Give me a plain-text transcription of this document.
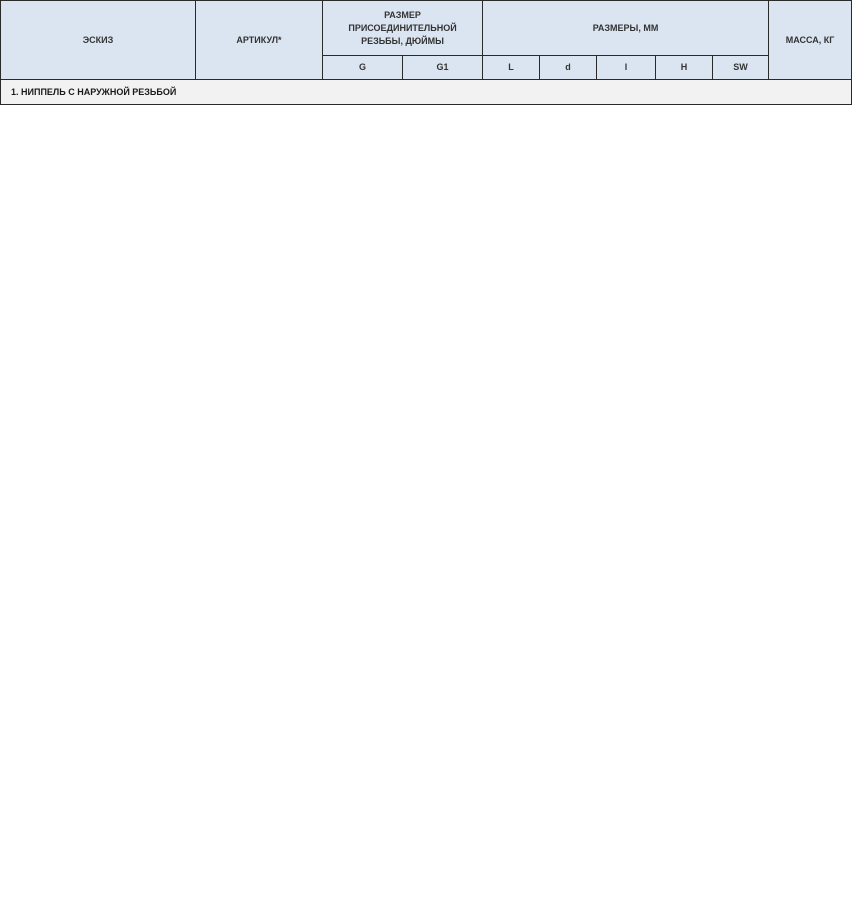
ЭСКИЗ	АРТИКУЛ*	РАЗМЕР ПРИСОЕДИНИТЕЛЬНОЙ РЕЗЬБЫ, ДЮЙМЫ		РАЗМЕРЫ, ММ					МАССА, КГ
		G	G1	L	d	l	H	SW	
1. НИППЕЛЬ С НАРУЖНОЙ РЕЗЬБОЙ									
